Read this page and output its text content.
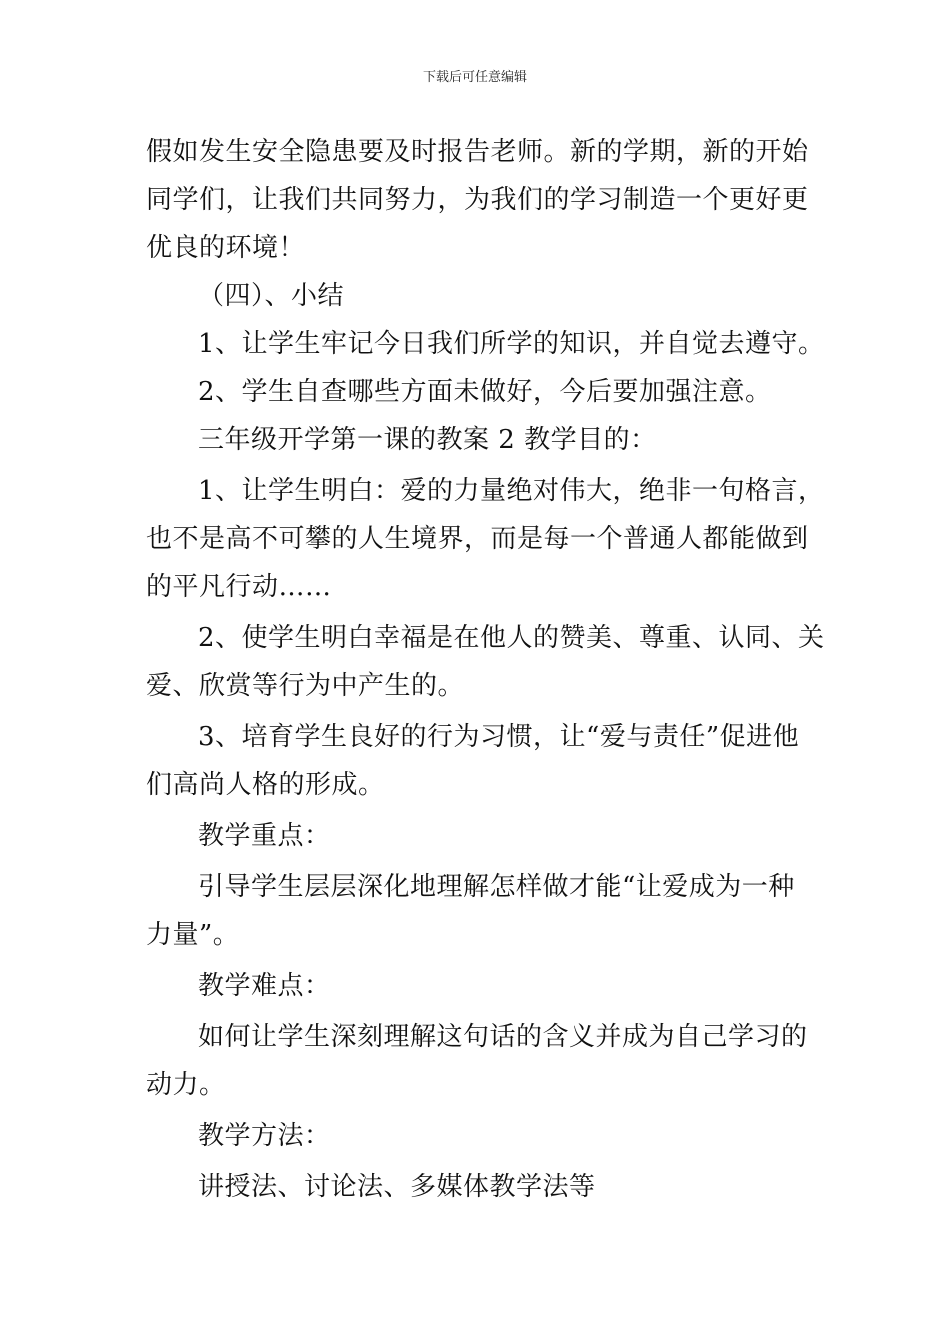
下载后可任意编辑
假如发生安全隐患要及时报告老师。新的学期，新的开始
同学们，让我们共同努力，为我们的学习制造一个更好更
优良的环境！
（四）、小结
1、让学生牢记今日我们所学的知识，并自觉去遵守。
2、学生自查哪些方面未做好，今后要加强注意。
三年级开学第一课的教案 2 教学目的：
1、让学生明白：爱的力量绝对伟大，绝非一句格言，
也不是高不可攀的人生境界，而是每一个普通人都能做到
的平凡行动……
2、使学生明白幸福是在他人的赞美、尊重、认同、关
爱、欣赏等行为中产生的。
3、培育学生良好的行为习惯，让“爱与责任”促进他
们高尚人格的形成。
教学重点：
引导学生层层深化地理解怎样做才能“让爱成为一种
力量”。
教学难点：
如何让学生深刻理解这句话的含义并成为自己学习的
动力。
教学方法：
讲授法、讨论法、多媒体教学法等
